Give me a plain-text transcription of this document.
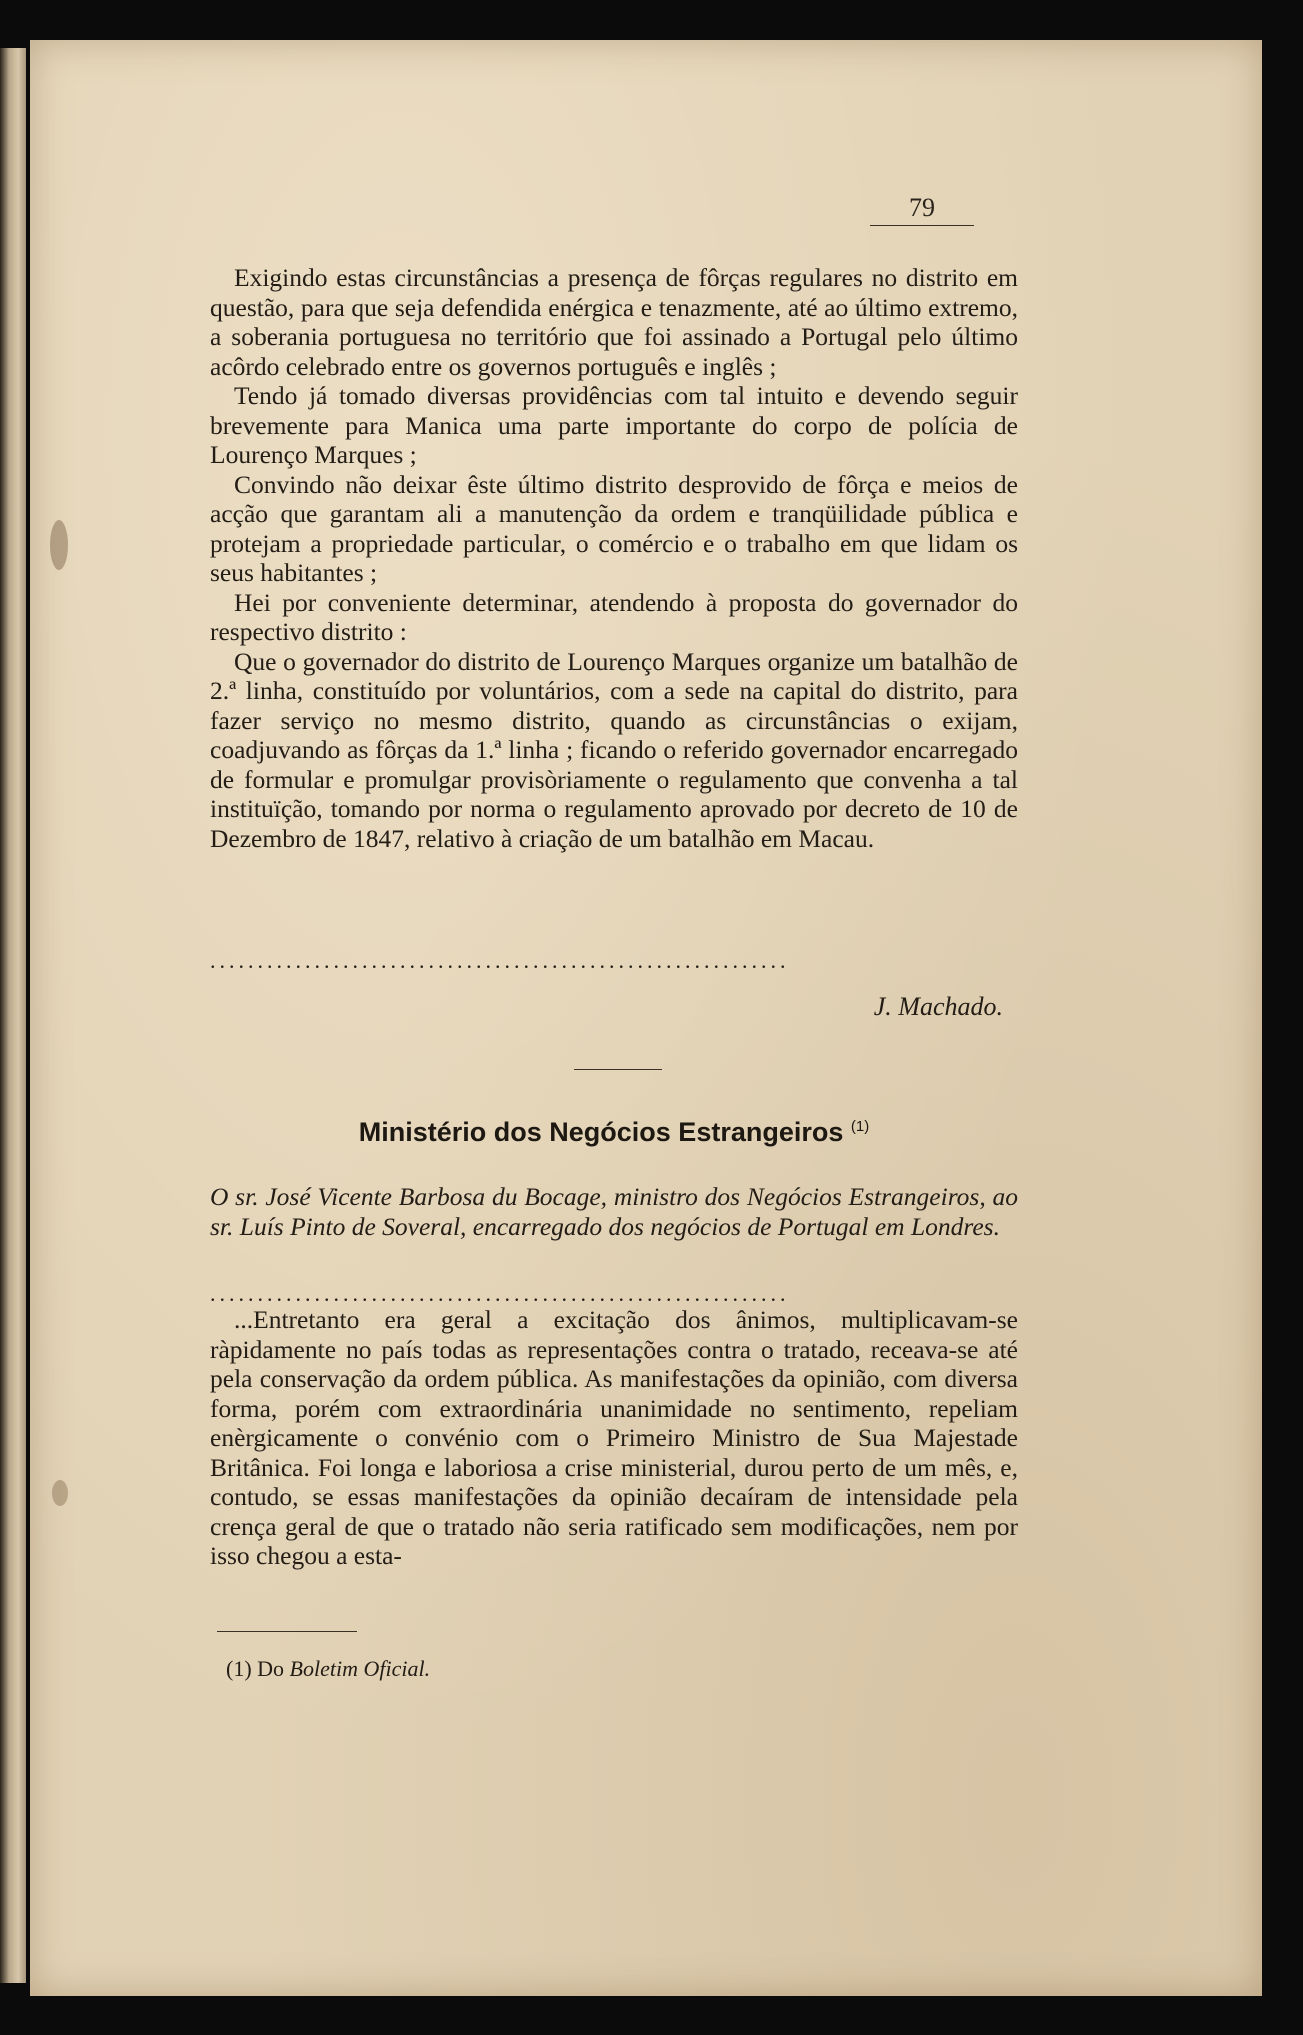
79

Exigindo estas circunstâncias a presença de fôrças regulares no distrito em questão, para que seja defendida enérgica e tenazmente, até ao último extremo, a soberania portuguesa no território que foi assinado a Portugal pelo último acôrdo celebrado entre os governos português e inglês ;

Tendo já tomado diversas providências com tal intuito e devendo seguir brevemente para Manica uma parte importante do corpo de polícia de Lourenço Marques ;

Convindo não deixar êste último distrito desprovido de fôrça e meios de acção que garantam ali a manutenção da ordem e tranqüilidade pública e protejam a propriedade particular, o comércio e o trabalho em que lidam os seus habitantes ;

Hei por conveniente determinar, atendendo à proposta do governador do respectivo distrito :

Que o governador do distrito de Lourenço Marques organize um batalhão de 2.ª linha, constituído por voluntários, com a sede na capital do distrito, para fazer serviço no mesmo distrito, quando as circunstâncias o exijam, coadjuvando as fôrças da 1.ª linha ; ficando o referido governador encarregado de formular e promulgar provisòriamente o regulamento que convenha a tal instituïção, tomando por norma o regulamento aprovado por decreto de 10 de Dezembro de 1847, relativo à criação de um batalhão em Macau.

.............................................................
J. Machado.
Ministério dos Negócios Estrangeiros $^{(1)}$
O sr. José Vicente Barbosa du Bocage, ministro dos Negócios Estrangeiros, ao sr. Luís Pinto de Soveral, encarregado dos negócios de Portugal em Londres.
.............................................................

...Entretanto era geral a excitação dos ânimos, multiplicavam-se ràpidamente no país todas as representações contra o tratado, receava-se até pela conservação da ordem pública. As manifestações da opinião, com diversa forma, porém com extraordinária unanimidade no sentimento, repeliam enèrgicamente o convénio com o Primeiro Ministro de Sua Majestade Britânica. Foi longa e laboriosa a crise ministerial, durou perto de um mês, e, contudo, se essas manifestações da opinião decaíram de intensidade pela crença geral de que o tratado não seria ratificado sem modificações, nem por isso chegou a esta-

(1) Do Boletim Oficial.
